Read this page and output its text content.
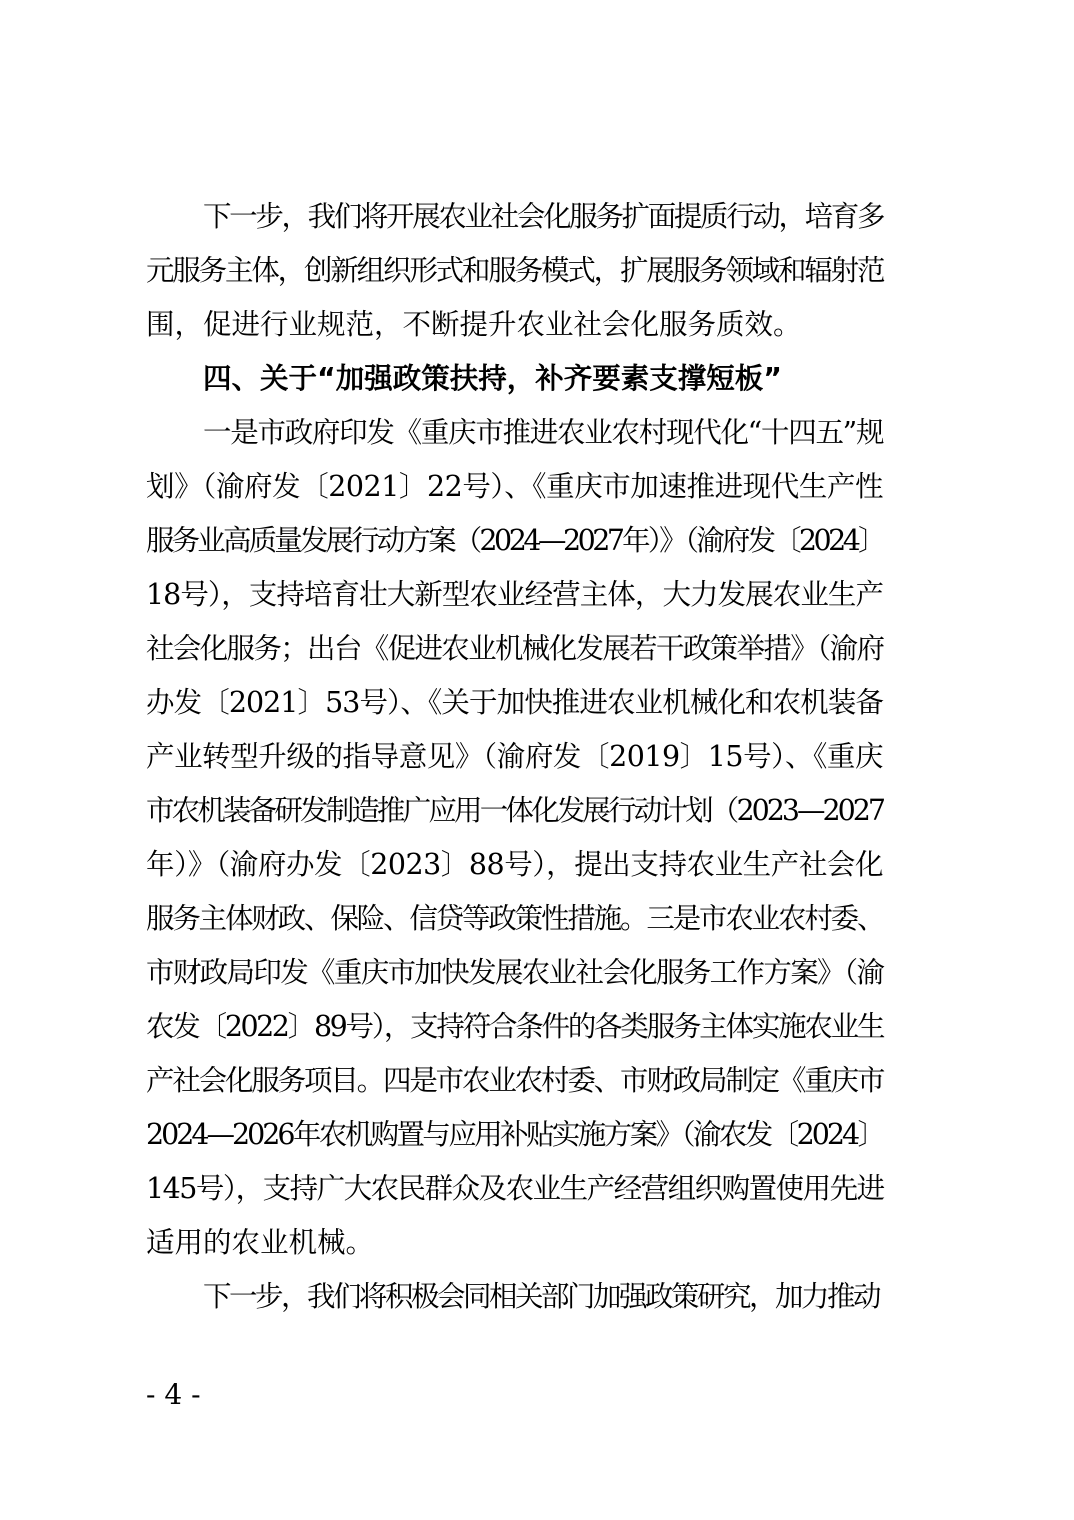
下一步，我们将开展农业社会化服务扩面提质行动，培育多
元服务主体，创新组织形式和服务模式，扩展服务领域和辐射范
围，促进行业规范，不断提升农业社会化服务质效。

四、关于“加强政策扶持，补齐要素支撑短板”

一是市政府印发《重庆市推进农业农村现代化“十四五”规
划》（渝府发〔2021〕22号）、《重庆市加速推进现代生产性
服务业高质量发展行动方案（2024—2027年）》（渝府发〔2024〕
18号），支持培育壮大新型农业经营主体，大力发展农业生产
社会化服务；出台《促进农业机械化发展若干政策举措》（渝府
办发〔2021〕53号）、《关于加快推进农业机械化和农机装备
产业转型升级的指导意见》（渝府发〔2019〕15号）、《重庆
市农机装备研发制造推广应用一体化发展行动计划（2023—2027
年）》（渝府办发〔2023〕88号），提出支持农业生产社会化
服务主体财政、保险、信贷等政策性措施。三是市农业农村委、
市财政局印发《重庆市加快发展农业社会化服务工作方案》（渝
农发〔2022〕89号），支持符合条件的各类服务主体实施农业生
产社会化服务项目。四是市农业农村委、市财政局制定《重庆市
2024—2026年农机购置与应用补贴实施方案》（渝农发〔2024〕
145号），支持广大农民群众及农业生产经营组织购置使用先进
适用的农业机械。

下一步，我们将积极会同相关部门加强政策研究，加力推动

- 4 -
